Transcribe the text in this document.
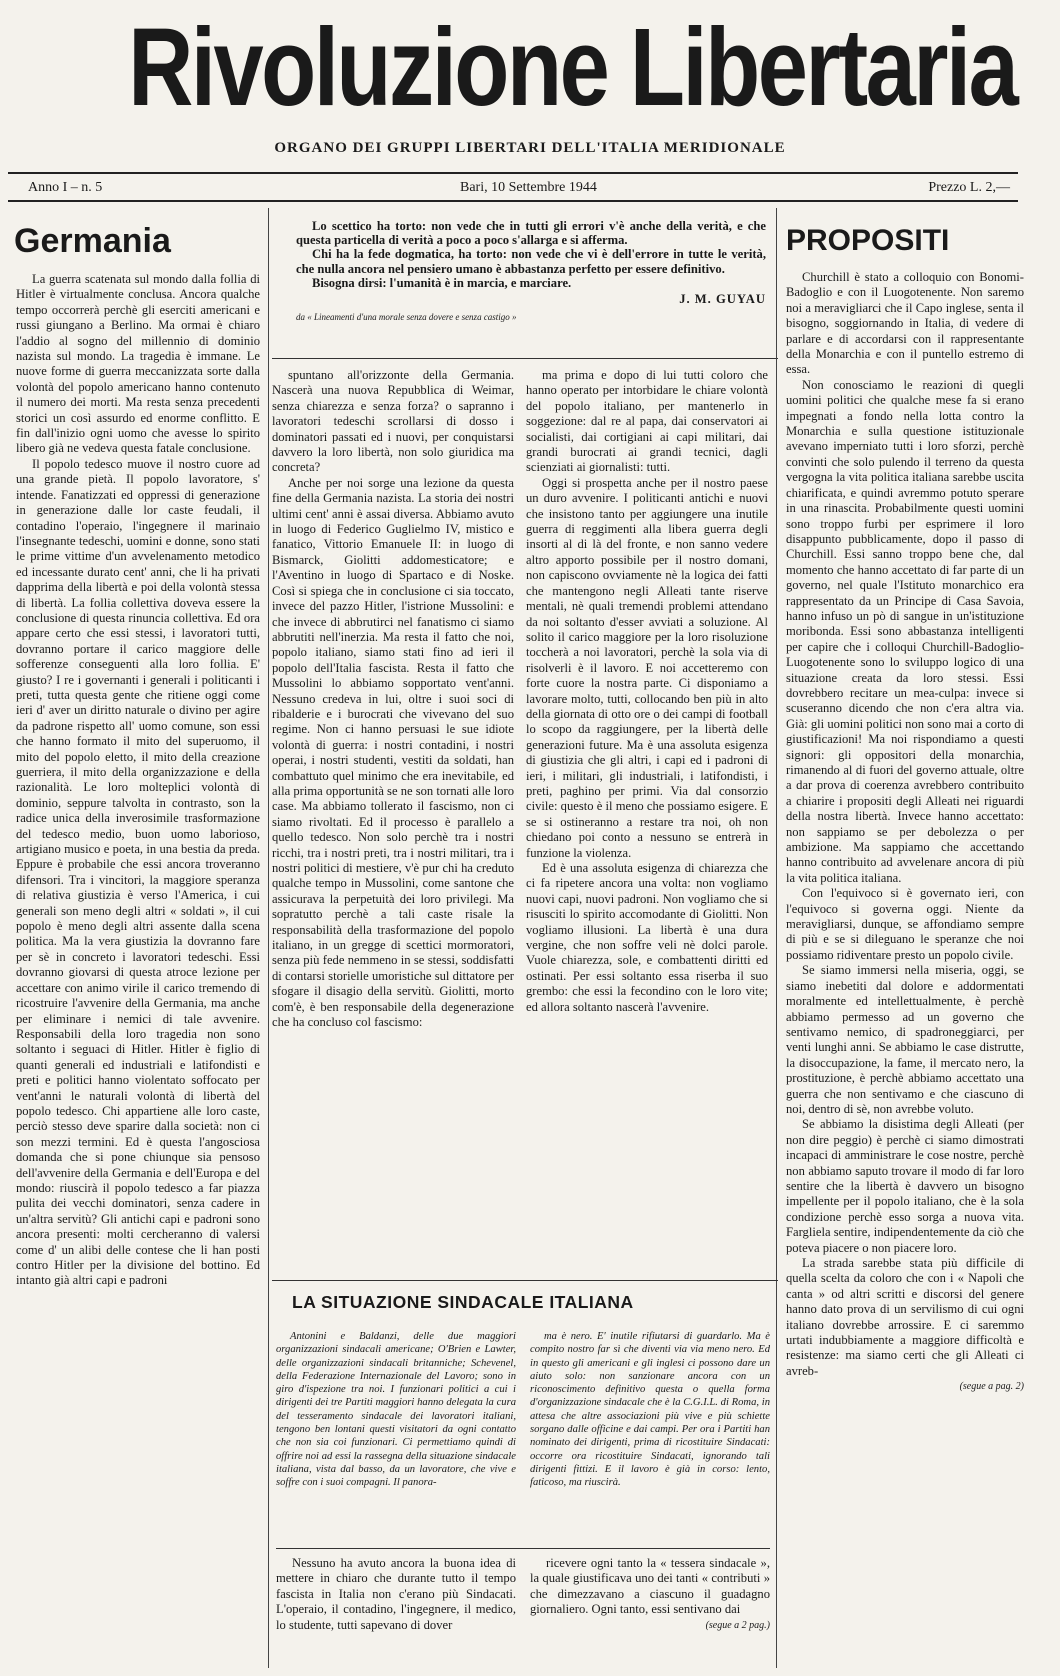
Rivoluzione Libertaria
ORGANO DEI GRUPPI LIBERTARI DELL'ITALIA MERIDIONALE
Anno I – n. 5	Bari, 10 Settembre 1944	Prezzo L. 2,—
Germania

La guerra scatenata sul mondo dalla follia di Hitler è virtualmente conclusa. Ancora qualche tempo occorrerà perchè gli eserciti americani e russi giungano a Berlino. Ma ormai è chiaro l'addio al sogno del millennio di dominio nazista sul mondo. La tragedia è immane. Le nuove forme di guerra meccanizzata sorte dalla volontà del popolo americano hanno contenuto il numero dei morti. Ma resta senza precedenti storici un così assurdo ed enorme conflitto. E fin dall'inizio ogni uomo che avesse lo spirito libero già ne vedeva questa fatale conclusione.

Il popolo tedesco muove il nostro cuore ad una grande pietà. Il popolo lavoratore, s' intende. Fanatizzati ed oppressi di generazione in generazione dalle lor caste feudali, il contadino l'operaio, l'ingegnere il marinaio l'insegnante tedeschi, uomini e donne, sono stati le prime vittime d'un avvelenamento metodico ed incessante durato cent' anni, che li ha privati dapprima della libertà e poi della volontà stessa di libertà. La follia collettiva doveva essere la conclusione di questa rinuncia collettiva. Ed ora appare certo che essi stessi, i lavoratori tutti, dovranno portare il carico maggiore delle sofferenze conseguenti alla loro follia. E' giusto? I re i governanti i generali i politicanti i preti, tutta questa gente che ritiene oggi come ieri d' aver un diritto naturale o divino per agire da padrone rispetto all' uomo comune, son essi che hanno formato il mito del superuomo, il mito del popolo eletto, il mito della creazione guerriera, il mito della organizzazione e della razionalità. Le loro molteplici volontà di dominio, seppure talvolta in contrasto, son la radice unica della inverosimile trasformazione del tedesco medio, buon uomo laborioso, artigiano musico e poeta, in una bestia da preda. Eppure è probabile che essi ancora troveranno difensori. Tra i vincitori, la maggiore speranza di relativa giustizia è verso l'America, i cui generali son meno degli altri « soldati », il cui popolo è meno degli altri assente dalla scena politica. Ma la vera giustizia la dovranno fare per sè in concreto i lavoratori tedeschi. Essi dovranno giovarsi di questa atroce lezione per accettare con animo virile il carico tremendo di ricostruire l'avvenire della Germania, ma anche per eliminare i nemici di tale avvenire. Responsabili della loro tragedia non sono soltanto i seguaci di Hitler. Hitler è figlio di quanti generali ed industriali e latifondisti e preti e politici hanno violentato soffocato per vent'anni le naturali volontà di libertà del popolo tedesco. Chi appartiene alle loro caste, perciò stesso deve sparire dalla società: non ci son mezzi termini. Ed è questa l'angosciosa domanda che si pone chiunque sia pensoso dell'avvenire della Germania e dell'Europa e del mondo: riuscirà il popolo tedesco a far piazza pulita dei vecchi dominatori, senza cadere in un'altra servitù? Gli antichi capi e padroni sono ancora presenti: molti cercheranno di valersi come d' un alibi delle contese che li han posti contro Hitler per la divisione del bottino. Ed intanto già altri capi e padroni

Lo scettico ha torto: non vede che in tutti gli errori v'è anche della verità, e che questa particella di verità a poco a poco s'allarga e si afferma.

Chi ha la fede dogmatica, ha torto: non vede che vi è dell'errore in tutte le verità, che nulla ancora nel pensiero umano è abbastanza perfetto per essere definitivo.

Bisogna dirsi: l'umanità è in marcia, e marciare.

J. M. GUYAU
da « Lineamenti d'una morale senza dovere e senza castigo »

spuntano all'orizzonte della Germania. Nascerà una nuova Repubblica di Weimar, senza chiarezza e senza forza? o sapranno i lavoratori tedeschi scrollarsi di dosso i dominatori passati ed i nuovi, per conquistarsi davvero la loro libertà, non solo giuridica ma concreta?

Anche per noi sorge una lezione da questa fine della Germania nazista. La storia dei nostri ultimi cent' anni è assai diversa. Abbiamo avuto in luogo di Federico Guglielmo IV, mistico e fanatico, Vittorio Emanuele II: in luogo di Bismarck, Giolitti addomesticatore; e l'Aventino in luogo di Spartaco e di Noske. Così si spiega che in conclusione ci sia toccato, invece del pazzo Hitler, l'istrione Mussolini: e che invece di abbrutirci nel fanatismo ci siamo abbrutiti nell'inerzia. Ma resta il fatto che noi, popolo italiano, siamo stati fino ad ieri il popolo dell'Italia fascista. Resta il fatto che Mussolini lo abbiamo sopportato vent'anni. Nessuno credeva in lui, oltre i suoi soci di ribalderie e i burocrati che vivevano del suo regime. Non ci hanno persuasi le sue idiote volontà di guerra: i nostri contadini, i nostri operai, i nostri studenti, vestiti da soldati, han combattuto quel minimo che era inevitabile, ed alla prima opportunità se ne son tornati alle loro case. Ma abbiamo tollerato il fascismo, non ci siamo rivoltati. Ed il processo è parallelo a quello tedesco. Non solo perchè tra i nostri ricchi, tra i nostri preti, tra i nostri militari, tra i nostri politici di mestiere, v'è pur chi ha creduto qualche tempo in Mussolini, come santone che assicurava la perpetuità dei loro privilegi. Ma sopratutto perchè a tali caste risale la responsabilità della trasformazione del popolo italiano, in un gregge di scettici mormoratori, senza più fede nemmeno in se stessi, soddisfatti di contarsi storielle umoristiche sul dittatore per sfogare il disagio della servitù. Giolitti, morto com'è, è ben responsabile della degenerazione che ha concluso col fascismo:

ma prima e dopo di lui tutti coloro che hanno operato per intorbidare le chiare volontà del popolo italiano, per mantenerlo in soggezione: dal re al papa, dai conservatori ai socialisti, dai cortigiani ai capi militari, dai grandi burocrati ai grandi tecnici, dagli scienziati ai giornalisti: tutti.

Oggi si prospetta anche per il nostro paese un duro avvenire. I politicanti antichi e nuovi che insistono tanto per aggiungere una inutile guerra di reggimenti alla libera guerra degli insorti al di là del fronte, e non sanno vedere altro apporto possibile per il nostro domani, non capiscono ovviamente nè la logica dei fatti che mantengono negli Alleati tante riserve mentali, nè quali tremendi problemi attendano da noi soltanto d'esser avviati a soluzione. Al solito il carico maggiore per la loro risoluzione toccherà a noi lavoratori, perchè la sola via di risolverli è il lavoro. E noi accetteremo con forte cuore la nostra parte. Ci disponiamo a lavorare molto, tutti, collocando ben più in alto della giornata di otto ore o dei campi di football lo scopo da raggiungere, per la libertà delle generazioni future. Ma è una assoluta esigenza di giustizia che gli altri, i capi ed i padroni di ieri, i militari, gli industriali, i latifondisti, i preti, paghino per primi. Via dal consorzio civile: questo è il meno che possiamo esigere. E se si ostineranno a restare tra noi, oh non chiedano poi conto a nessuno se entrerà in funzione la violenza.

Ed è una assoluta esigenza di chiarezza che ci fa ripetere ancora una volta: non vogliamo nuovi capi, nuovi padroni. Non vogliamo che si risusciti lo spirito accomodante di Giolitti. Non vogliamo illusioni. La libertà è una dura vergine, che non soffre veli nè dolci parole. Vuole chiarezza, sole, e combattenti diritti ed ostinati. Per essi soltanto essa riserba il suo grembo: che essi la fecondino con le loro vite; ed allora soltanto nascerà l'avvenire.

LA SITUAZIONE SINDACALE ITALIANA

Antonini e Baldanzi, delle due maggiori organizzazioni sindacali americane; O'Brien e Lawter, delle organizzazioni sindacali britanniche; Schevenel, della Federazione Internazionale del Lavoro; sono in giro d'ispezione tra noi. I funzionari politici a cui i dirigenti dei tre Partiti maggiori hanno delegata la cura del tesseramento sindacale dei lavoratori italiani, tengono ben lontani questi visitatori da ogni contatto che non sia coi funzionari. Ci permettiamo quindi di offrire noi ad essi la rassegna della situazione sindacale italiana, vista dal basso, da un lavoratore, che vive e soffre con i suoi compagni. Il panora-

ma è nero. E' inutile rifiutarsi di guardarlo. Ma è compito nostro far sì che diventi via via meno nero. Ed in questo gli americani e gli inglesi ci possono dare un aiuto solo: non sanzionare ancora con un riconoscimento definitivo questa o quella forma d'organizzazione sindacale che è la C.G.I.L. di Roma, in attesa che altre associazioni più vive e più schiette sorgano dalle officine e dai campi. Per ora i Partiti han nominato dei dirigenti, prima di ricostituire Sindacati: occorre ora ricostituire Sindacati, ignorando tali dirigenti fittizi. E il lavoro è già in corso: lento, faticoso, ma riuscirà.

Nessuno ha avuto ancora la buona idea di mettere in chiaro che durante tutto il tempo fascista in Italia non c'erano più Sindacati. L'operaio, il contadino, l'ingegnere, il medico, lo studente, tutti sapevano di dover

ricevere ogni tanto la « tessera sindacale », la quale giustificava uno dei tanti « contributi » che dimezzavano a ciascuno il guadagno giornaliero. Ogni tanto, essi sentivano dai

(segue a 2 pag.)
PROPOSITI

Churchill è stato a colloquio con Bonomi-Badoglio e con il Luogotenente. Non saremo noi a meravigliarci che il Capo inglese, senta il bisogno, soggiornando in Italia, di vedere di parlare e di accordarsi con il rappresentante della Monarchia e con il puntello estremo di essa.

Non conosciamo le reazioni di quegli uomini politici che qualche mese fa si erano impegnati a fondo nella lotta contro la Monarchia e sulla questione istituzionale avevano imperniato tutti i loro sforzi, perchè convinti che solo pulendo il terreno da questa vergogna la vita politica italiana sarebbe uscita chiarificata, e quindi avremmo potuto sperare in una rinascita. Probabilmente questi uomini sono troppo furbi per esprimere il loro disappunto pubblicamente, dopo il passo di Churchill. Essi sanno troppo bene che, dal momento che hanno accettato di far parte di un governo, nel quale l'Istituto monarchico era rappresentato da un Principe di Casa Savoia, hanno infuso un pò di sangue in un'istituzione moribonda. Essi sono abbastanza intelligenti per capire che i colloqui Churchill-Badoglio-Luogotenente sono lo sviluppo logico di una situazione creata da loro stessi. Essi dovrebbero recitare un mea-culpa: invece si scuseranno dicendo che non c'era altra via. Già: gli uomini politici non sono mai a corto di giustificazioni! Ma noi rispondiamo a questi signori: gli oppositori della monarchia, rimanendo al di fuori del governo attuale, oltre a dar prova di coerenza avrebbero contribuito a chiarire i propositi degli Alleati nei riguardi della nostra libertà. Invece hanno accettato: non sappiamo se per debolezza o per ambizione. Ma sappiamo che accettando hanno contribuito ad avvelenare ancora di più la vita politica italiana.

Con l'equivoco si è governato ieri, con l'equivoco si governa oggi. Niente da meravigliarsi, dunque, se affondiamo sempre di più e se si dileguano le speranze che noi possiamo ridiventare presto un popolo civile.

Se siamo immersi nella miseria, oggi, se siamo inebetiti dal dolore e addormentati moralmente ed intellettualmente, è perchè abbiamo permesso ad un governo che sentivamo nemico, di spadroneggiarci, per venti lunghi anni. Se abbiamo le case distrutte, la disoccupazione, la fame, il mercato nero, la prostituzione, è perchè abbiamo accettato una guerra che non sentivamo e che ciascuno di noi, dentro di sè, non avrebbe voluto.

Se abbiamo la disistima degli Alleati (per non dire peggio) è perchè ci siamo dimostrati incapaci di amministrare le cose nostre, perchè non abbiamo saputo trovare il modo di far loro sentire che la libertà è davvero un bisogno impellente per il popolo italiano, che è la sola condizione perchè esso sorga a nuova vita. Fargliela sentire, indipendentemente da ciò che poteva piacere o non piacere loro.

La strada sarebbe stata più difficile di quella scelta da coloro che con i « Napoli che canta » od altri scritti e discorsi del genere hanno dato prova di un servilismo di cui ogni italiano dovrebbe arrossire. E ci saremmo urtati indubbiamente a maggiore difficoltà e resistenze: ma siamo certi che gli Alleati ci avreb-

(segue a pag. 2)
